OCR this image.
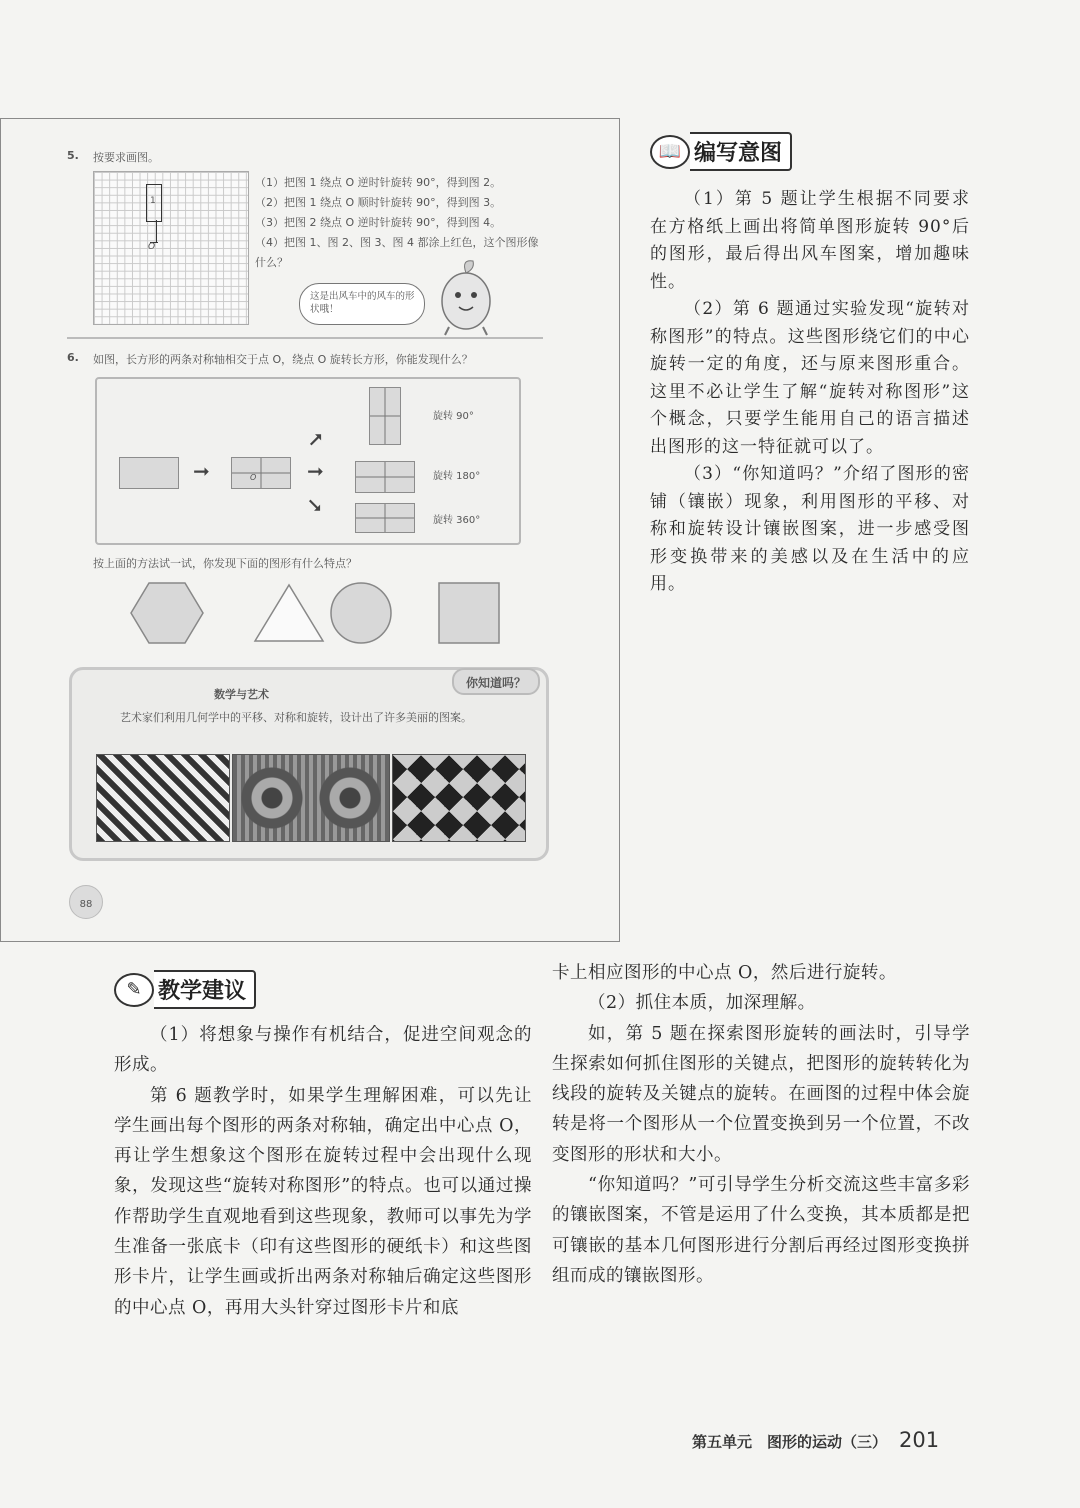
5. 按要求画图。
1
O
（1）把图 1 绕点 O 逆时针旋转 90°，得到图 2。
（2）把图 1 绕点 O 顺时针旋转 90°，得到图 3。
（3）把图 2 绕点 O 逆时针旋转 90°，得到图 4。
（4）把图 1、图 2、图 3、图 4 都涂上红色，这个图形像什么？
这是出风车中的风车的形状哦！
6. 如图，长方形的两条对称轴相交于点 O，绕点 O 旋转长方形，你能发现什么？
➞	O
➞
➞
➞
旋转 90°
旋转 180°
旋转 360°
按上面的方法试一试，你发现下面的图形有什么特点？
你知道吗？
数学与艺术
艺术家们利用几何学中的平移、对称和旋转，设计出了许多美丽的图案。
88
📖 编写意图

（1）第 5 题让学生根据不同要求在方格纸上画出将简单图形旋转 90°后的图形，最后得出风车图案，增加趣味性。

（2）第 6 题通过实验发现“旋转对称图形”的特点。这些图形绕它们的中心旋转一定的角度，还与原来图形重合。这里不必让学生了解“旋转对称图形”这个概念，只要学生能用自己的语言描述出图形的这一特征就可以了。

（3）“你知道吗？”介绍了图形的密铺（镶嵌）现象，利用图形的平移、对称和旋转设计镶嵌图案，进一步感受图形变换带来的美感以及在生活中的应用。

✎ 教学建议

（1）将想象与操作有机结合，促进空间观念的形成。

第 6 题教学时，如果学生理解困难，可以先让学生画出每个图形的两条对称轴，确定出中心点 O，再让学生想象这个图形在旋转过程中会出现什么现象，发现这些“旋转对称图形”的特点。也可以通过操作帮助学生直观地看到这些现象，教师可以事先为学生准备一张底卡（印有这些图形的硬纸卡）和这些图形卡片，让学生画或折出两条对称轴后确定这些图形的中心点 O，再用大头针穿过图形卡片和底

卡上相应图形的中心点 O，然后进行旋转。

（2）抓住本质，加深理解。

如，第 5 题在探索图形旋转的画法时，引导学生探索如何抓住图形的关键点，把图形的旋转转化为线段的旋转及关键点的旋转。在画图的过程中体会旋转是将一个图形从一个位置变换到另一个位置，不改变图形的形状和大小。

“你知道吗？”可引导学生分析交流这些丰富多彩的镶嵌图案，不管是运用了什么变换，其本质都是把可镶嵌的基本几何图形进行分割后再经过图形变换拼组而成的镶嵌图形。

第五单元　图形的运动（三） 201
